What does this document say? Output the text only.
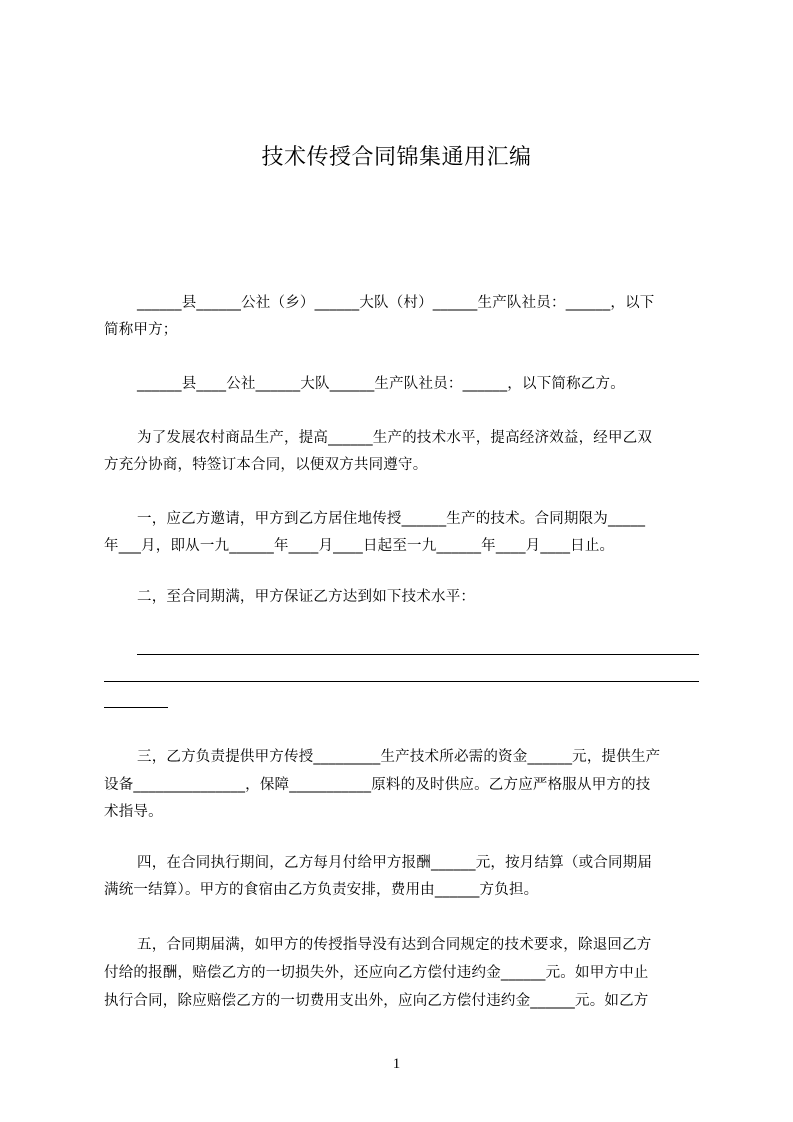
技术传授合同锦集通用汇编
______县______公社（乡）______大队（村）______生产队社员：______，以下
简称甲方；
______县____公社______大队______生产队社员：______，以下简称乙方。
为了发展农村商品生产，提高______生产的技术水平，提高经济效益，经甲乙双
方充分协商，特签订本合同，以便双方共同遵守。
一，应乙方邀请，甲方到乙方居住地传授______生产的技术。合同期限为_____
年___月，即从一九______年____月____日起至一九______年____月____日止。
二，至合同期满，甲方保证乙方达到如下技术水平：
三，乙方负责提供甲方传授_________生产技术所必需的资金______元，提供生产
设备_______________，保障___________原料的及时供应。乙方应严格服从甲方的技
术指导。
四，在合同执行期间，乙方每月付给甲方报酬______元，按月结算（或合同期届
满统一结算）。甲方的食宿由乙方负责安排，费用由______方负担。
五，合同期届满，如甲方的传授指导没有达到合同规定的技术要求，除退回乙方
付给的报酬，赔偿乙方的一切损失外，还应向乙方偿付违约金______元。如甲方中止
执行合同，除应赔偿乙方的一切费用支出外，应向乙方偿付违约金______元。如乙方
1
